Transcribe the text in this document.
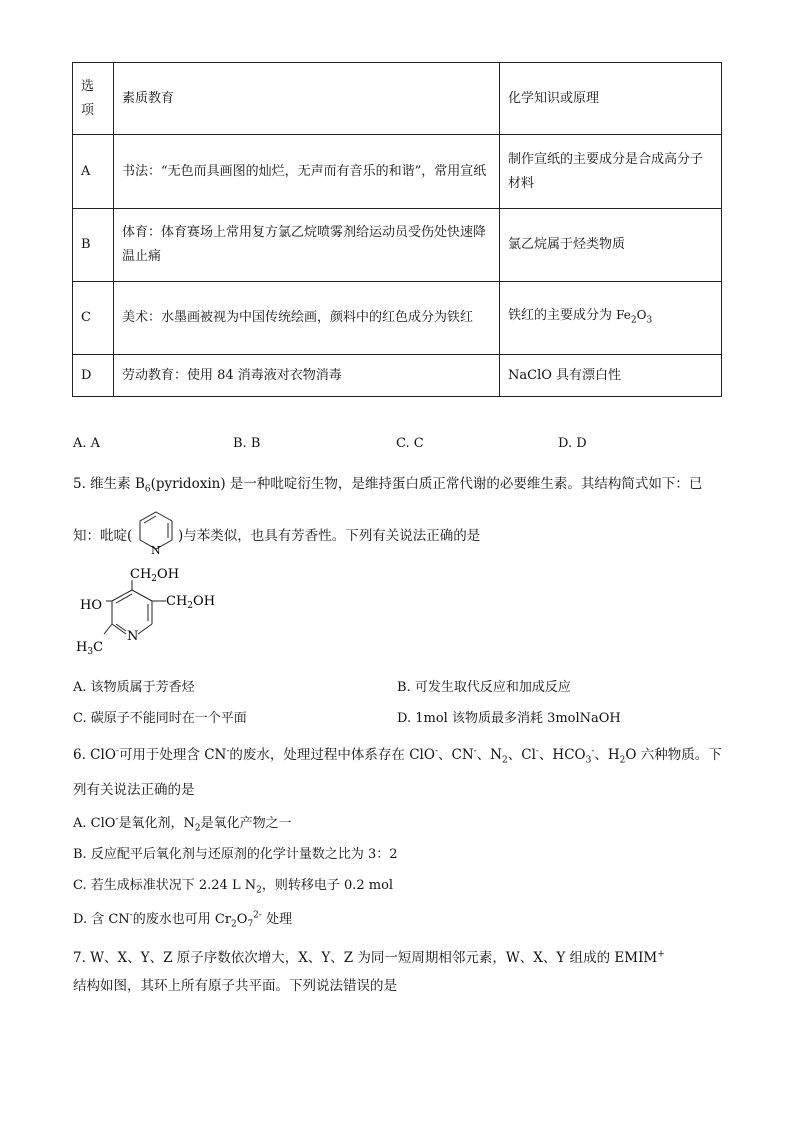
选
项	素质教育	化学知识或原理
A	书法：“无色而具画图的灿烂，无声而有音乐的和谐”，常用宣纸	制作宣纸的主要成分是合成高分子材料
B	体育：体育赛场上常用复方氯乙烷喷雾剂给运动员受伤处快速降温止痛	氯乙烷属于烃类物质
C	美术：水墨画被视为中国传统绘画，颜料中的红色成分为铁红	铁红的主要成分为 $Fe_2O_3$
D	劳动教育：使用 84 消毒液对衣物消毒	NaClO 具有漂白性
A. A	B. B	C. C	D. D
5. 维生素 $B_6(pyridoxin)$ 是一种吡啶衍生物，是维持蛋白质正常代谢的必要维生素。其结构简式如下：已
知：吡啶(
N
)与苯类似，也具有芳香性。下列有关说法正确的是
$CH_2OH$
$CH_2OH$
HO
$H_3C$
N
A. 该物质属于芳香烃	B. 可发生取代反应和加成反应
C. 碳原子不能同时在一个平面	D. 1mol 该物质最多消耗 3molNaOH
6. ClO-可用于处理含 CN-的废水，处理过程中体系存在 ClO-、CN-、$N_2$、Cl-、$HCO_3^-$、$H_2O$ 六种物质。下
列有关说法正确的是
A. ClO-是氧化剂，$N_2$是氧化产物之一
B. 反应配平后氧化剂与还原剂的化学计量数之比为 3：2
C. 若生成标准状况下 2.24 L $N_2$，则转移电子 0.2 mol
D. 含 CN-的废水也可用 $Cr_2O_7^{2-}$ 处理
7. W、X、Y、Z 原子序数依次增大，X、Y、Z 为同一短周期相邻元素，W、X、Y 组成的 EMIM+
结构如图，其环上所有原子共平面。下列说法错误的是
